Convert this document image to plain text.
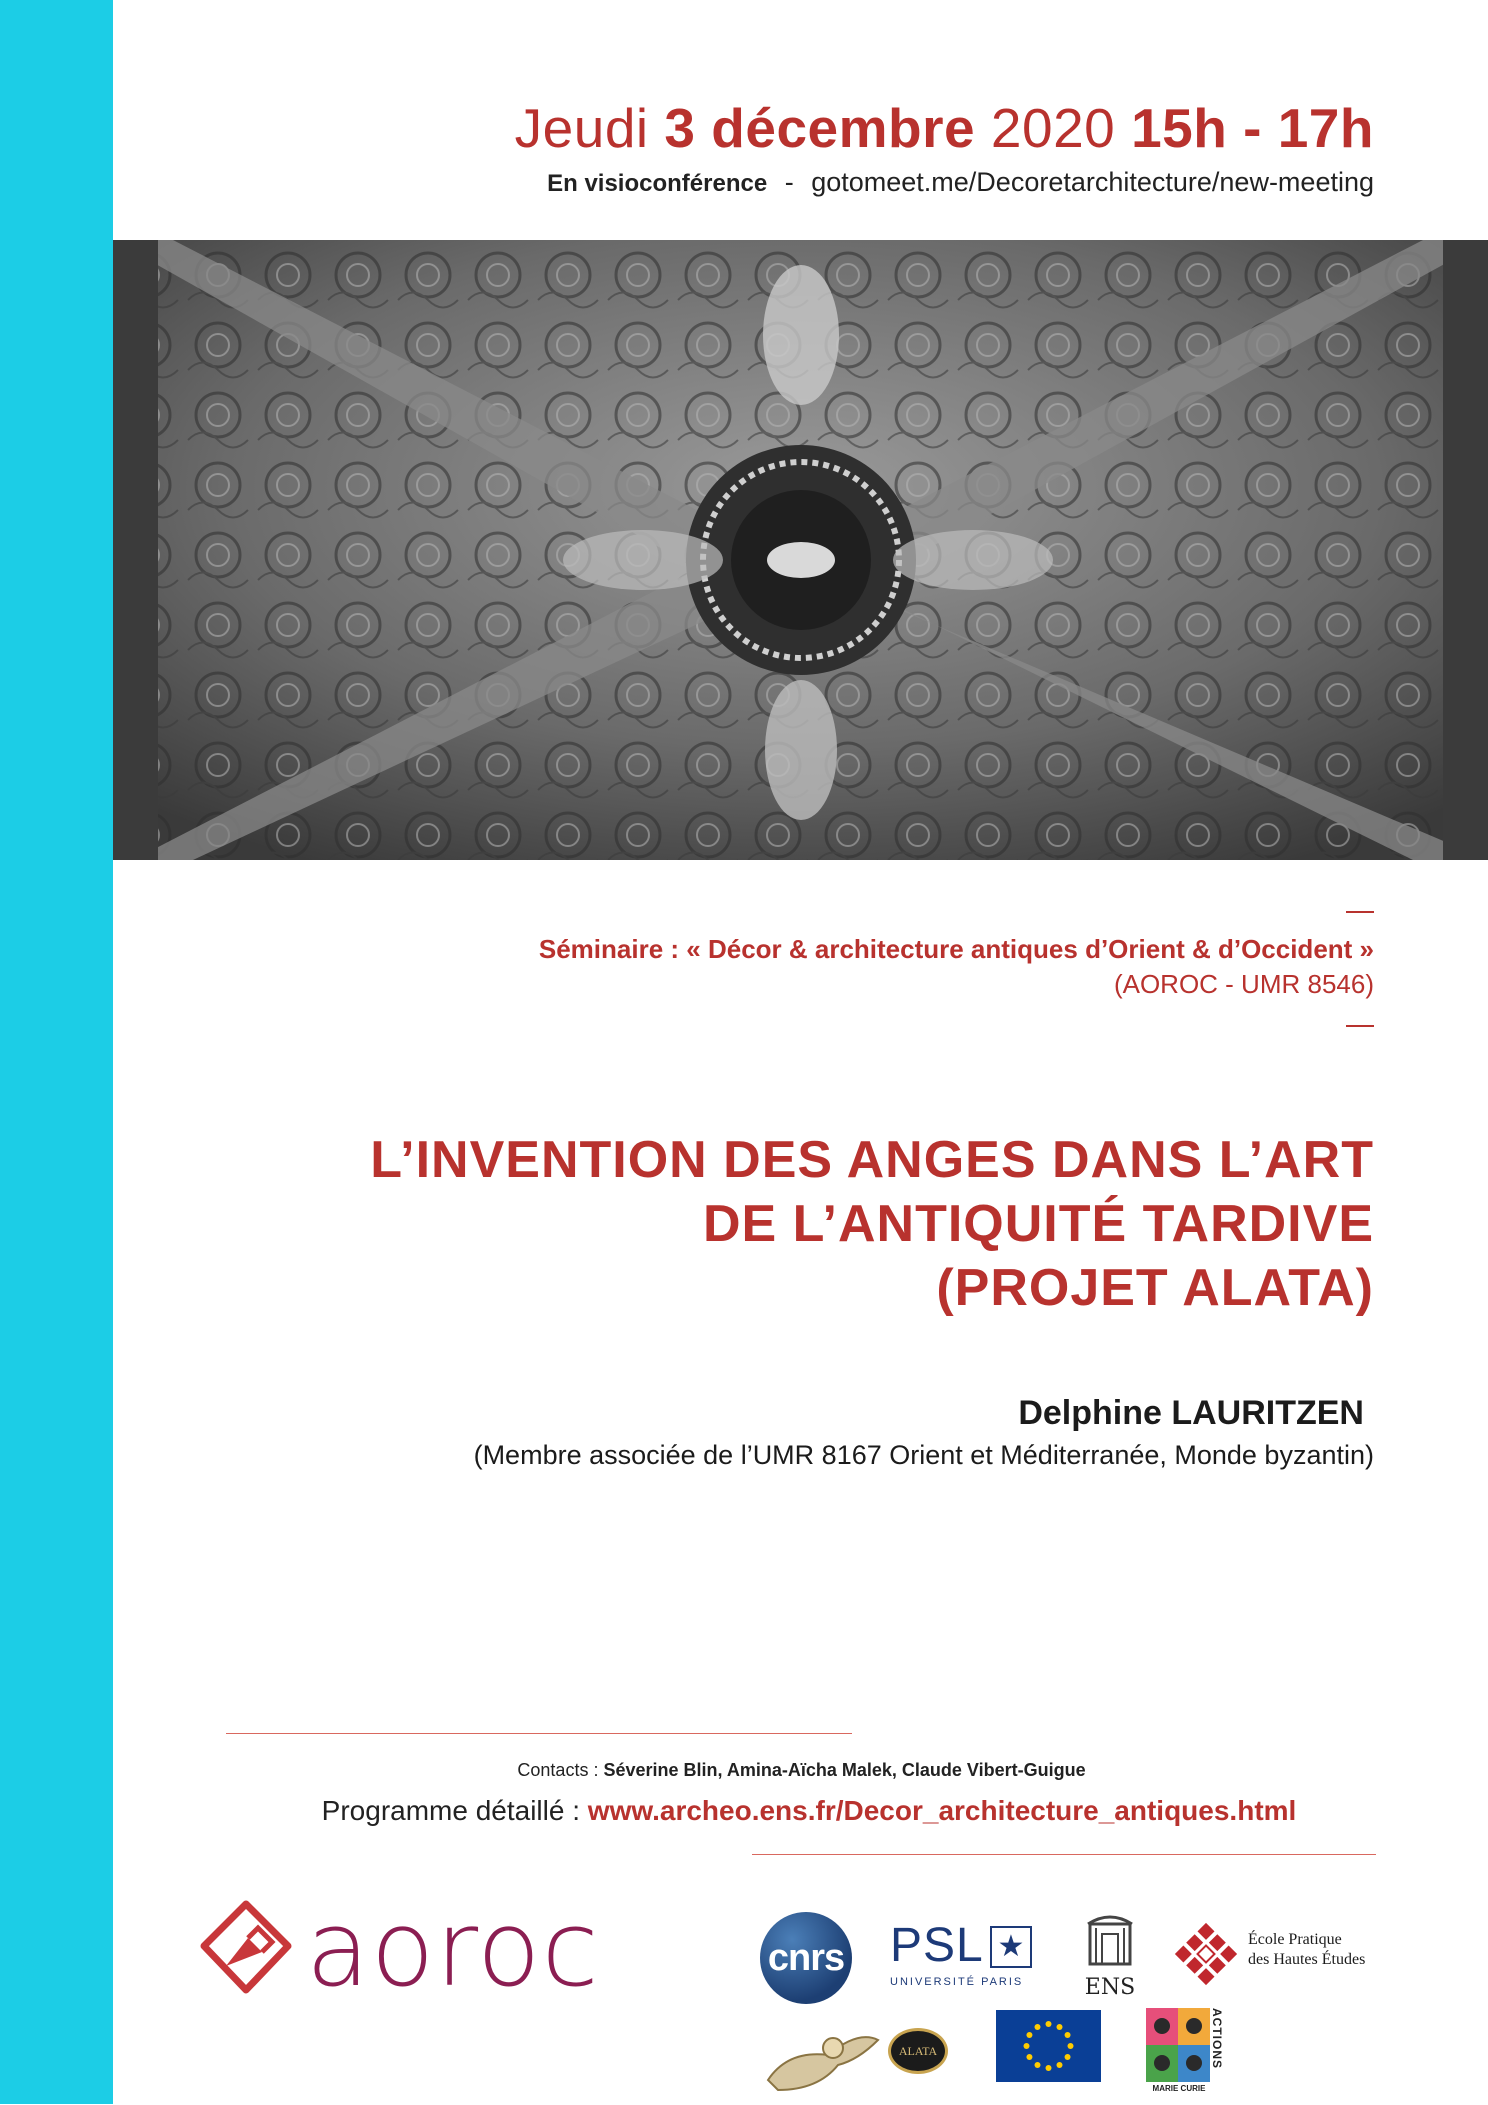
Jeudi 3 décembre 2020 15h - 17h
En visioconférence - gotomeet.me/Decoretarchitecture/new-meeting
Séminaire : « Décor & architecture antiques d’Orient & d’Occident »
(AOROC - UMR 8546)
L’INVENTION DES ANGES DANS L’ART
DE L’ANTIQUITÉ TARDIVE
(PROJET ALATA)
Delphine LAURITZEN
(Membre associée de l’UMR 8167 Orient et Méditerranée, Monde byzantin)
Contacts : Séverine Blin, Amina-Aïcha Malek, Claude Vibert-Guigue
Programme détaillé : www.archeo.ens.fr/Decor_architecture_antiques.html
aoroc	cnrs PSL ★
UNIVERSITÉ PARIS	ENS
École Pratique
des Hautes Études
ALATA
MARIE CURIE
ACTIONS
